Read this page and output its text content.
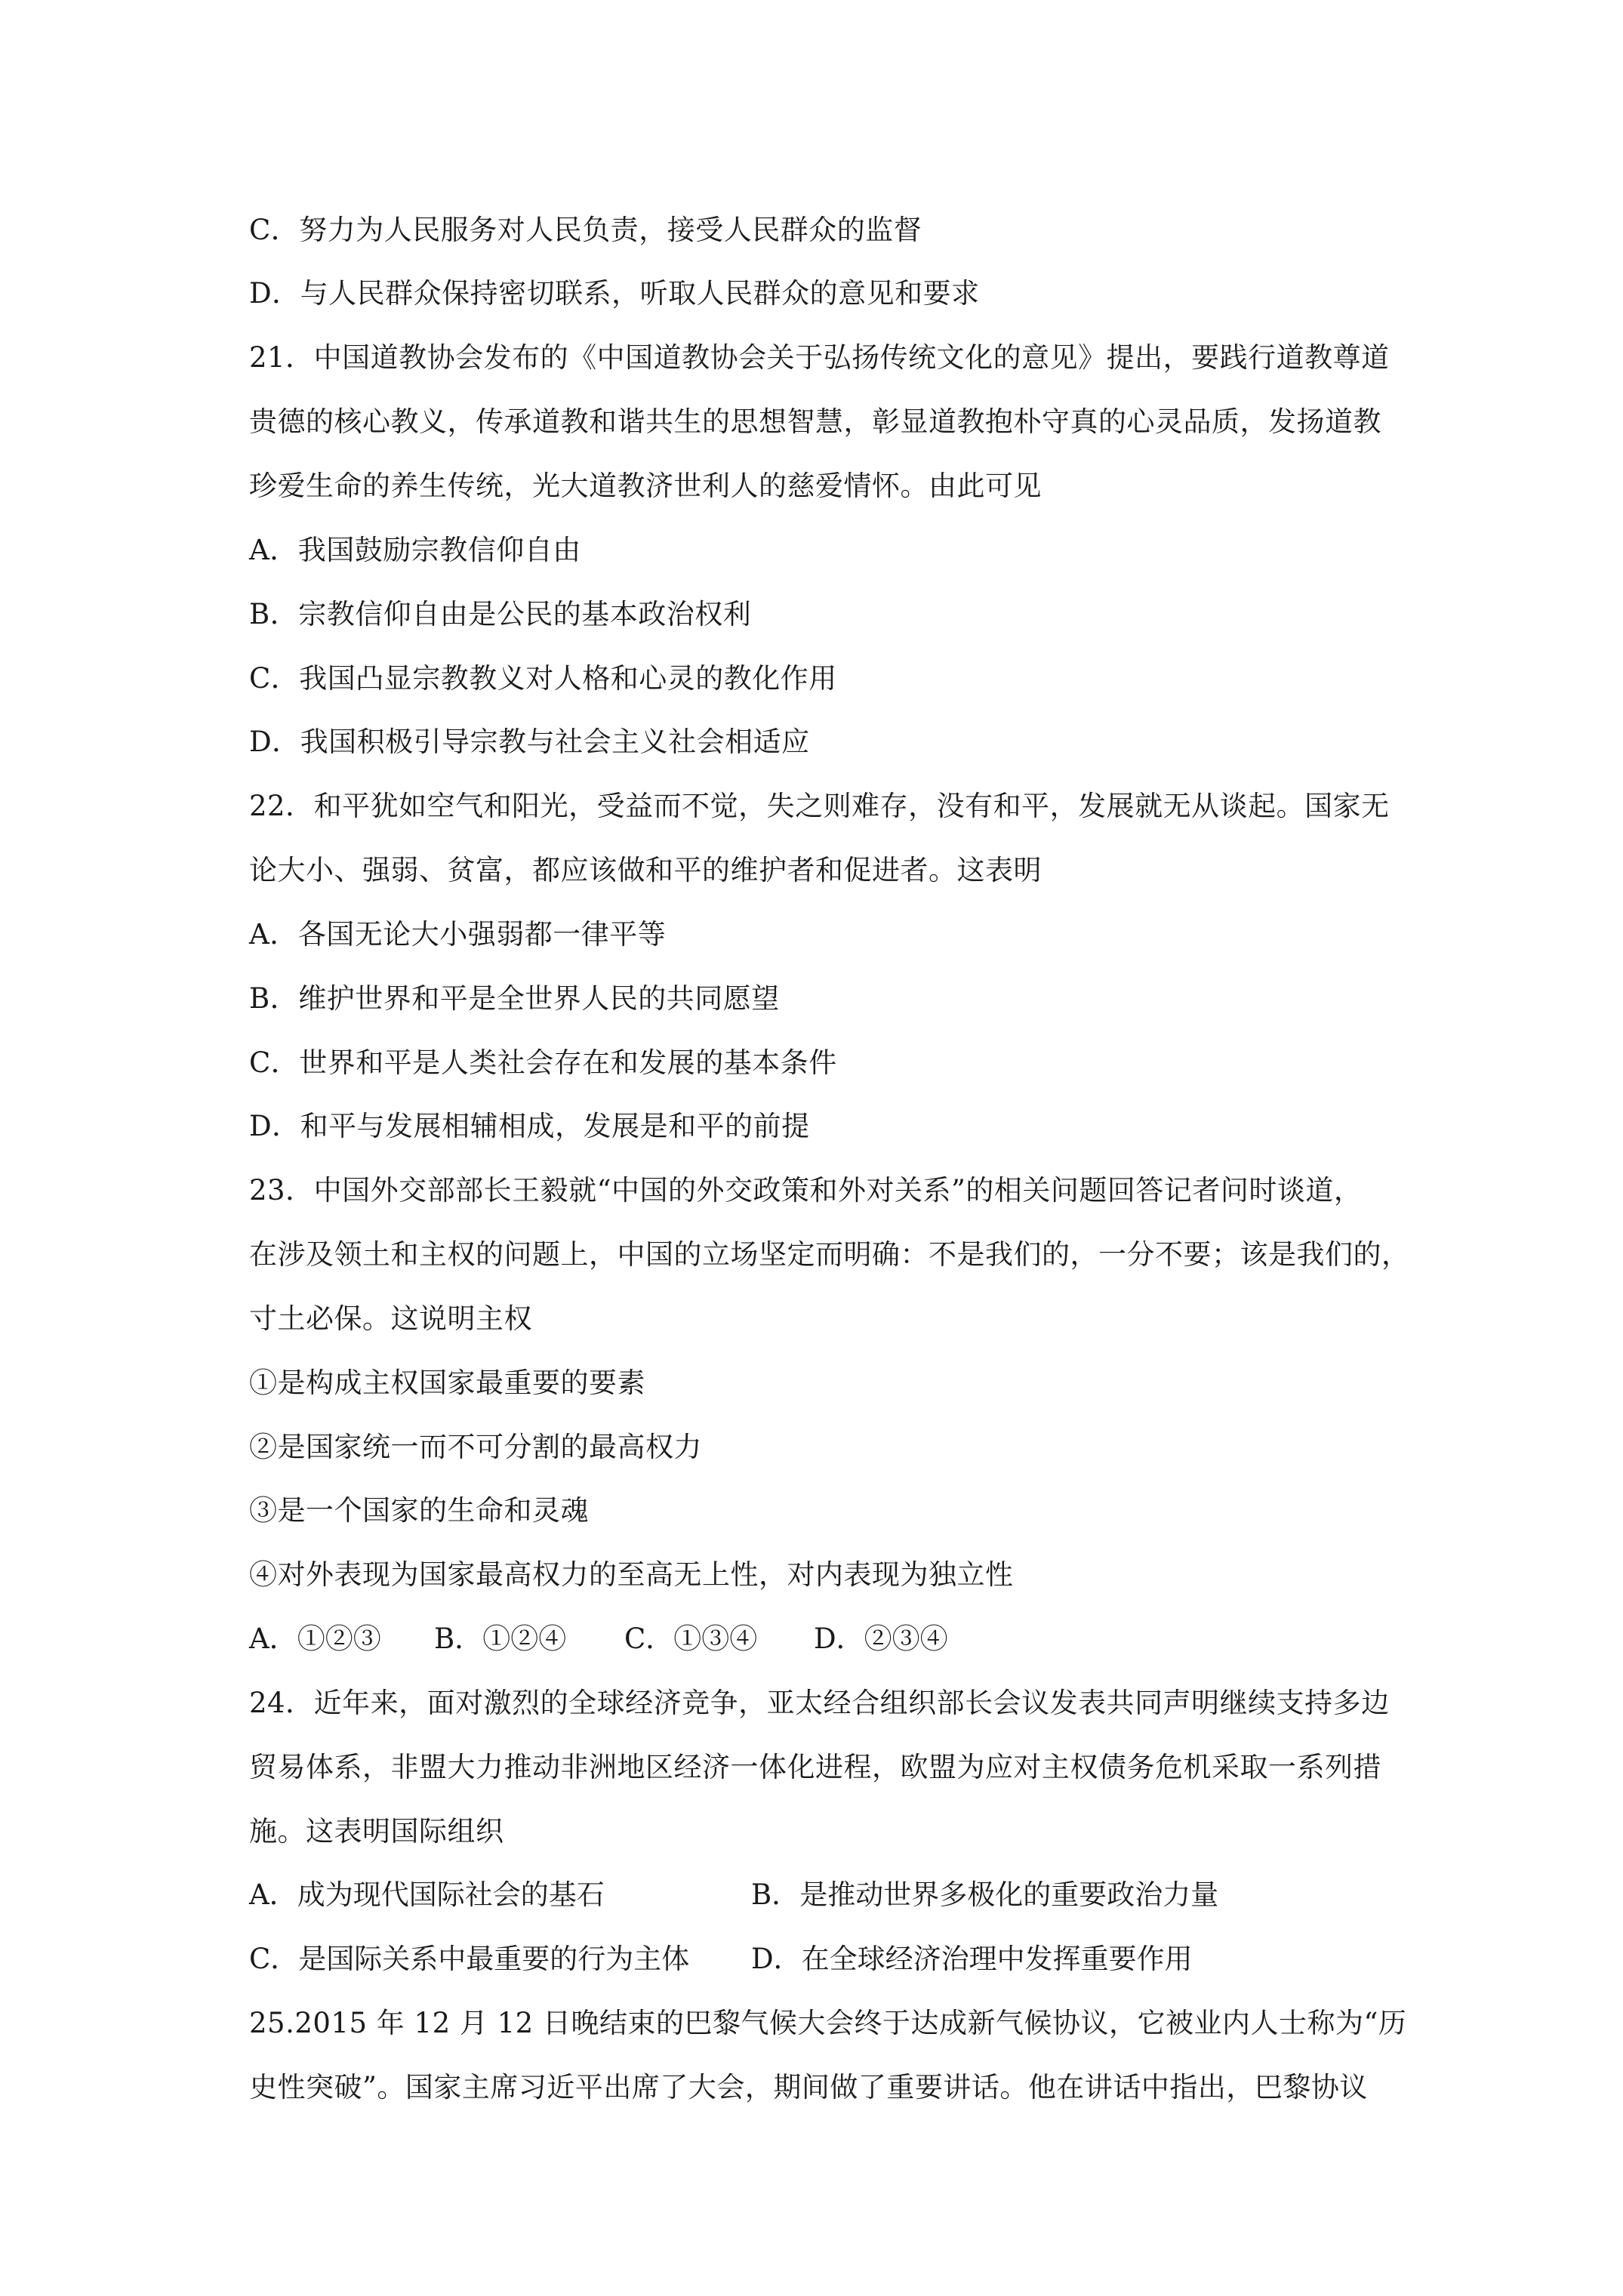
C．努力为人民服务对人民负责，接受人民群众的监督
D．与人民群众保持密切联系，听取人民群众的意见和要求
21．中国道教协会发布的《中国道教协会关于弘扬传统文化的意见》提出，要践行道教尊道
贵德的核心教义，传承道教和谐共生的思想智慧，彰显道教抱朴守真的心灵品质，发扬道教
珍爱生命的养生传统，光大道教济世利人的慈爱情怀。由此可见
A．我国鼓励宗教信仰自由
B．宗教信仰自由是公民的基本政治权利
C．我国凸显宗教教义对人格和心灵的教化作用
D．我国积极引导宗教与社会主义社会相适应
22．和平犹如空气和阳光，受益而不觉，失之则难存，没有和平，发展就无从谈起。国家无
论大小、强弱、贫富，都应该做和平的维护者和促进者。这表明
A．各国无论大小强弱都一律平等
B．维护世界和平是全世界人民的共同愿望
C．世界和平是人类社会存在和发展的基本条件
D．和平与发展相辅相成，发展是和平的前提
23．中国外交部部长王毅就“中国的外交政策和外对关系”的相关问题回答记者问时谈道，
在涉及领土和主权的问题上，中国的立场坚定而明确：不是我们的，一分不要；该是我们的，
寸土必保。这说明主权
①是构成主权国家最重要的要素
②是国家统一而不可分割的最高权力
③是一个国家的生命和灵魂
④对外表现为国家最高权力的至高无上性，对内表现为独立性
A．①②③ B．①②④ C．①③④ D．②③④
24．近年来，面对激烈的全球经济竞争，亚太经合组织部长会议发表共同声明继续支持多边
贸易体系，非盟大力推动非洲地区经济一体化进程，欧盟为应对主权债务危机采取一系列措
施。这表明国际组织
A．成为现代国际社会的基石	B．是推动世界多极化的重要政治力量
C．是国际关系中最重要的行为主体 D．在全球经济治理中发挥重要作用
25.2015 年 12 月 12 日晚结束的巴黎气候大会终于达成新气候协议，它被业内人士称为“历
史性突破”。国家主席习近平出席了大会，期间做了重要讲话。他在讲话中指出，巴黎协议
